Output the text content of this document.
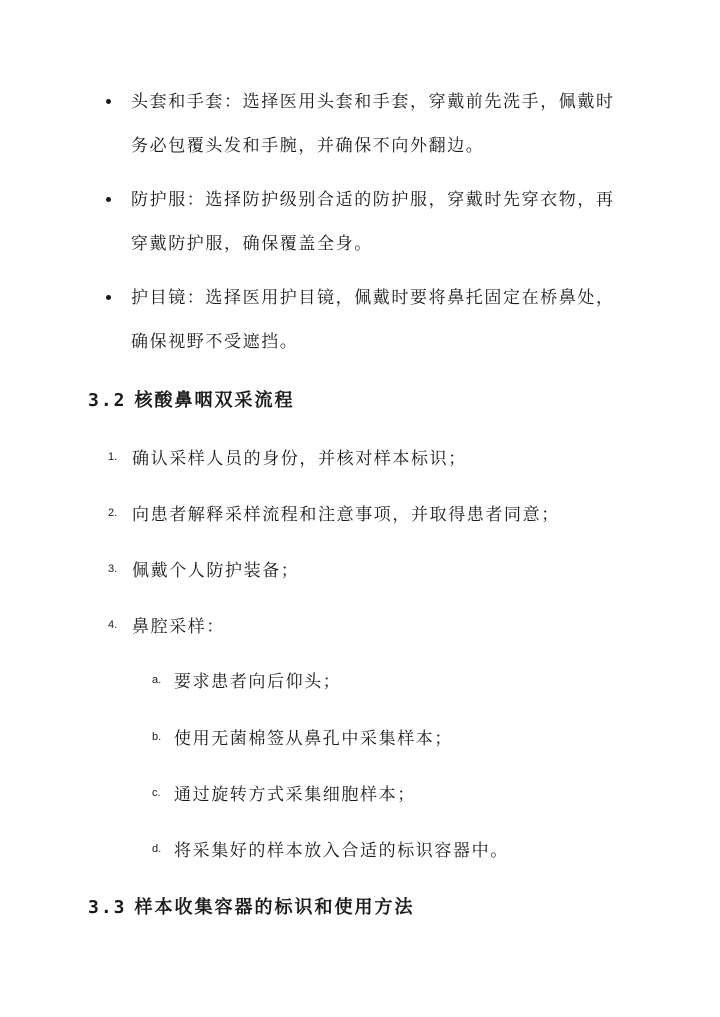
头套和手套：选择医用头套和手套，穿戴前先洗手，佩戴时
务必包覆头发和手腕，并确保不向外翻边。
防护服：选择防护级别合适的防护服，穿戴时先穿衣物，再
穿戴防护服，确保覆盖全身。
护目镜：选择医用护目镜，佩戴时要将鼻托固定在桥鼻处，
确保视野不受遮挡。
3.2 核酸鼻咽双采流程
1. 确认采样人员的身份，并核对样本标识；
2. 向患者解释采样流程和注意事项，并取得患者同意；
3. 佩戴个人防护装备；
4. 鼻腔采样：
a. 要求患者向后仰头；
b. 使用无菌棉签从鼻孔中采集样本；
c. 通过旋转方式采集细胞样本；
d. 将采集好的样本放入合适的标识容器中。
3.3 样本收集容器的标识和使用方法
